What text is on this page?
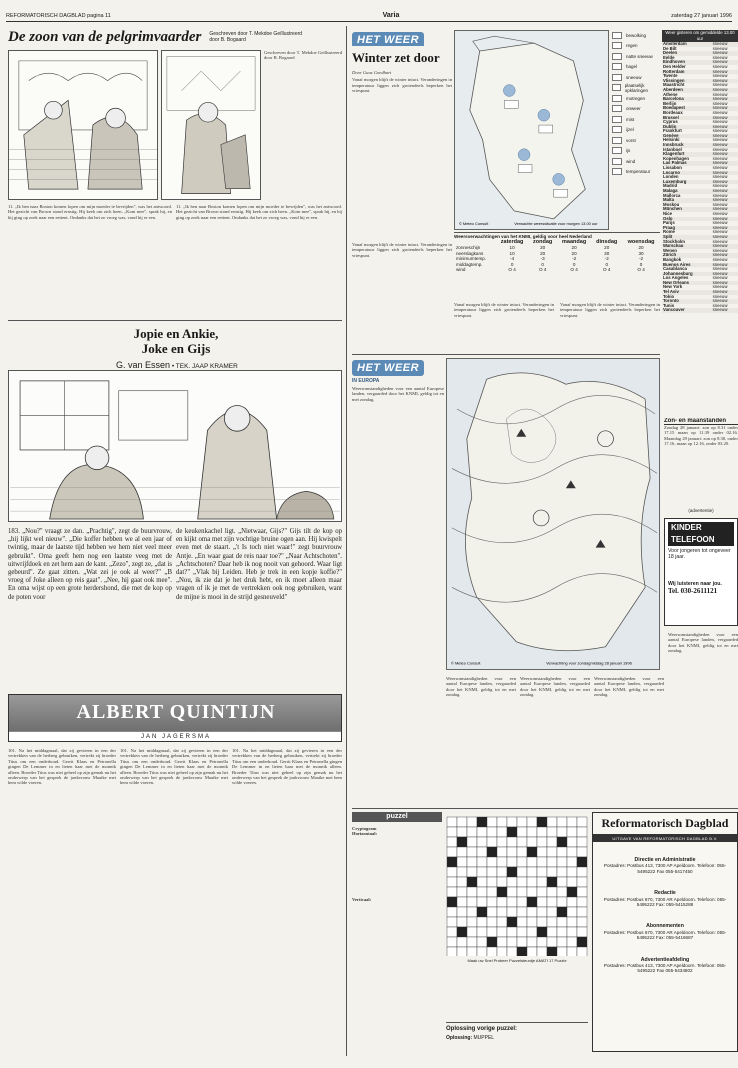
REFORMATORISCH DAGBLAD pagina 11	Varia	zaterdag 27 januari 1996
De zoon van de pelgrimvaarder Geschreven door T. Mekdoe Geïllustreerd door B. Bogaard
Geschreven door T. Mekdoe Geïllustreerd door B. Bogaard
11. „Ik ben naar Boston komen lopen om mijn moeder te bevrijden", was het antwoord. Het gezicht van Brown stond ernstig. Hij keek om zich heen. „Kom mee", sprak hij, en hij ging op zoek naar een eettent. Ondanks dat het zo vroeg was, vond hij er een.
11. „Ik ben naar Boston komen lopen om mijn moeder te bevrijden", was het antwoord. Het gezicht van Brown stond ernstig. Hij keek om zich heen. „Kom mee", sprak hij, en hij ging op zoek naar een eettent. Ondanks dat het zo vroeg was, vond hij er een.
Jopie en Ankie,
Joke en Gijs
G. van Essen • TEK. JAAP KRAMER
183. „Nou?" vraagt ze dan. „Prachtig", zegt de buurvrouw, „hij lijkt wel nieuw". „Die koffer hebben we al een jaar of twintig, maar de laatste tijd hebben we hem niet veel meer gebruikt". Oma geeft hem nog een laatste veeg met de uitwrijfdoek en zet hem aan de kant. „Zezo", zegt ze, „dat is gebeurd". Ze gaat zitten. „Wat zei je ook al weer?" „B vroeg of Joke alleen op reis gaat". „Nee, hij gaat ook mee". En oma wijst op een grote herdershond, die met de kop op de poten voor
de keukenkachel ligt. „Nietwaar, Gijs?" Gijs tilt de kop op en kijkt oma met zijn vochtige bruine ogen aan. Hij kwispelt even met de staart. „'t Is toch niet waar!" zegt buurvrouw Antje. „En waar gaat de reis naar toe?" „Naar Achtschoten". „Achtschoten? Daar heb ik nog nooit van gehoord. Waar ligt dat?" „Vlak bij Leiden. Heb je trek in een kopje koffie?" „Nou, ik zie dat je het druk hebt, en ik moet alleen maar vragen of ik je met de vertrekken ook nog gebruiken, want de mijne is mooi in de strijd gesneuveld"
ALBERT QUINTIJN
JAN JAGERSMA
101. Na het middagmaal, dat zij gevieren in een der vertrekken van de herberg gebruiken, vertrekt zij broeder Titus om een onderhoud. Gerrit Klaas en Petronella gingen De Lemmer in en lieten haar met de monnik alleen. Broeder Titus was niet geheel op zijn gemak nu het onderwerp van het gesprek de jonkvrouw Maaike met hem wilde voeren.
101. Na het middagmaal, dat zij gevieren in een der vertrekken van de herberg gebruiken, vertrekt zij broeder Titus om een onderhoud. Gerrit Klaas en Petronella gingen De Lemmer in en lieten haar met de monnik alleen. Broeder Titus was niet geheel op zijn gemak nu het onderwerp van het gesprek de jonkvrouw Maaike met hem wilde voeren.
101. Na het middagmaal, dat zij gevieren in een der vertrekken van de herberg gebruiken, vertrekt zij broeder Titus om een onderhoud. Gerrit Klaas en Petronella gingen De Lemmer in en lieten haar met de monnik alleen. Broeder Titus was niet geheel op zijn gemak nu het onderwerp van het gesprek de jonkvrouw Maaike met hem wilde voeren.
HET WEER
Winter zet door
Door Guus Goedhart
Vanaf morgen blijft de winter intact. Veranderingen in temperatuur liggen zich grotendeels beperken het vriespunt.
© Meteo Consult	Verwachte weerssituatie voor morgen 13.00 uur
bewolking
regen
natte sneeuw
hagel
sneeuw
plaatselijk opklaringen
motregen
onweer
mist
ijzel
vorst
ijs
wind
temperatuur
Weer gisteren om gemiddelde 13.00 uur
Amsterdam	sneeuw
De Bilt	sneeuw
Deelen	sneeuw
Eelde	sneeuw
Eindhoven	sneeuw
Den Helder	sneeuw
Rotterdam	sneeuw
Twente	sneeuw
Vlissingen	sneeuw
Maastricht	sneeuw
Aberdeen	sneeuw
Athene	sneeuw
Barcelona	sneeuw
Berlijn	sneeuw
Boedapest	sneeuw
Bordeaux	sneeuw
Brussel	sneeuw
Cyprus	sneeuw
Dublin	sneeuw
Frankfurt	sneeuw
Genève	sneeuw
Helsinki	sneeuw
Innsbruck	sneeuw
Istanboel	sneeuw
Klagenfurt	sneeuw
Kopenhagen	sneeuw
Las Palmas	sneeuw
Lissabon	sneeuw
Locarno	sneeuw
Londen	sneeuw
Luxemburg	sneeuw
Madrid	sneeuw
Malaga	sneeuw
Mallorca	sneeuw
Malta	sneeuw
Moskou	sneeuw
München	sneeuw
Nice	sneeuw
Oslo	sneeuw
Parijs	sneeuw
Praag	sneeuw
Rome	sneeuw
Split	sneeuw
Stockholm	sneeuw
Warschau	sneeuw
Wenen	sneeuw
Zürich	sneeuw
Bangkok	sneeuw
Buenos Aires	sneeuw
Casablanca	sneeuw
Johannesburg	sneeuw
Los Angeles	sneeuw
New Orleans	sneeuw
New York	sneeuw
Tel Aviv	sneeuw
Tokio	sneeuw
Toronto	sneeuw
Tunis	sneeuw
Vancouver	sneeuw
Weersverwachtingen van het KNMI, geldig voor heel Nederland
	zaterdag	zondag	maandag	dinsdag	woensdag
zonneschijn	10	20	20	20	20
neerslagkans	10	20	20	30	30
minimumtemp.	-4	-3	-2	-2	-2
middagtemp.	0	0	0	0	0
wind	O 4	O 4	O 4	O 4	O 4
Vanaf morgen blijft de winter intact. Veranderingen in temperatuur liggen zich grotendeels beperken het vriespunt.
Vanaf morgen blijft de winter intact. Veranderingen in temperatuur liggen zich grotendeels beperken het vriespunt.
Vanaf morgen blijft de winter intact. Veranderingen in temperatuur liggen zich grotendeels beperken het vriespunt.
HET WEER
IN EUROPA
Weersomstandigheden voor een aantal Europese landen, vergaarded door het KNMI, geldig tot en met zondag.
© Meteo Consult	Verwachting voor zondagmiddag 28 januari 1996
Zon- en maanstanden
Zondag 28 januari: zon op 8.31 onder 17.15 maan op 11.39 onder 02.16. Maandag 29 januari: zon op 8.30, onder 17.16, maan op 12.16, onder 03.20.
(advertentie)
KINDER
TELEFOON
Voor jongeren tot ongeveer 18 jaar.
Wij luisteren naar jou.
Tel. 030-2611121
Weersomstandigheden voor een aantal Europese landen, vergaarded door het KNMI, geldig tot en met zondag.
Weersomstandigheden voor een aantal Europese landen, vergaarded door het KNMI, geldig tot en met zondag.
Weersomstandigheden voor een aantal Europese landen, vergaarded door het KNMI, geldig tot en met zondag.
Weersomstandigheden voor een aantal Europese landen, vergaarded door het KNMI, geldig tot en met zondag.
puzzel
Cryptogram
Horizontaal:
Verticaal:
Maak uw Snel Probeer Puzzelsteuntje AMATI 17 Puzzle
Oplossing vorige puzzel:
Oplossing: MUPPEL
Reformatorisch Dagblad
UITGAVE VAN REFORMATORISCH DAGBLAD B.V.
Directie en Administratie
Postadres: Postbus 413, 7300 AP Apeldoorn. Telefoon: 055-5495222 Fax 055-5417450
Redactie
Postadres: Postbus 670, 7300 AR Apeldoorn. Telefoon: 055-5495222 Fax: 055-5415288
Abonnementen
Postadres: Postbus 670, 7300 AR Apeldoorn. Telefoon: 055-5495222 Fax: 055-5416687
Advertentieafdeling
Postadres: Postbus 413, 7300 AP Apeldoorn. Telefoon: 055-5495222 Fax 055-5434802
